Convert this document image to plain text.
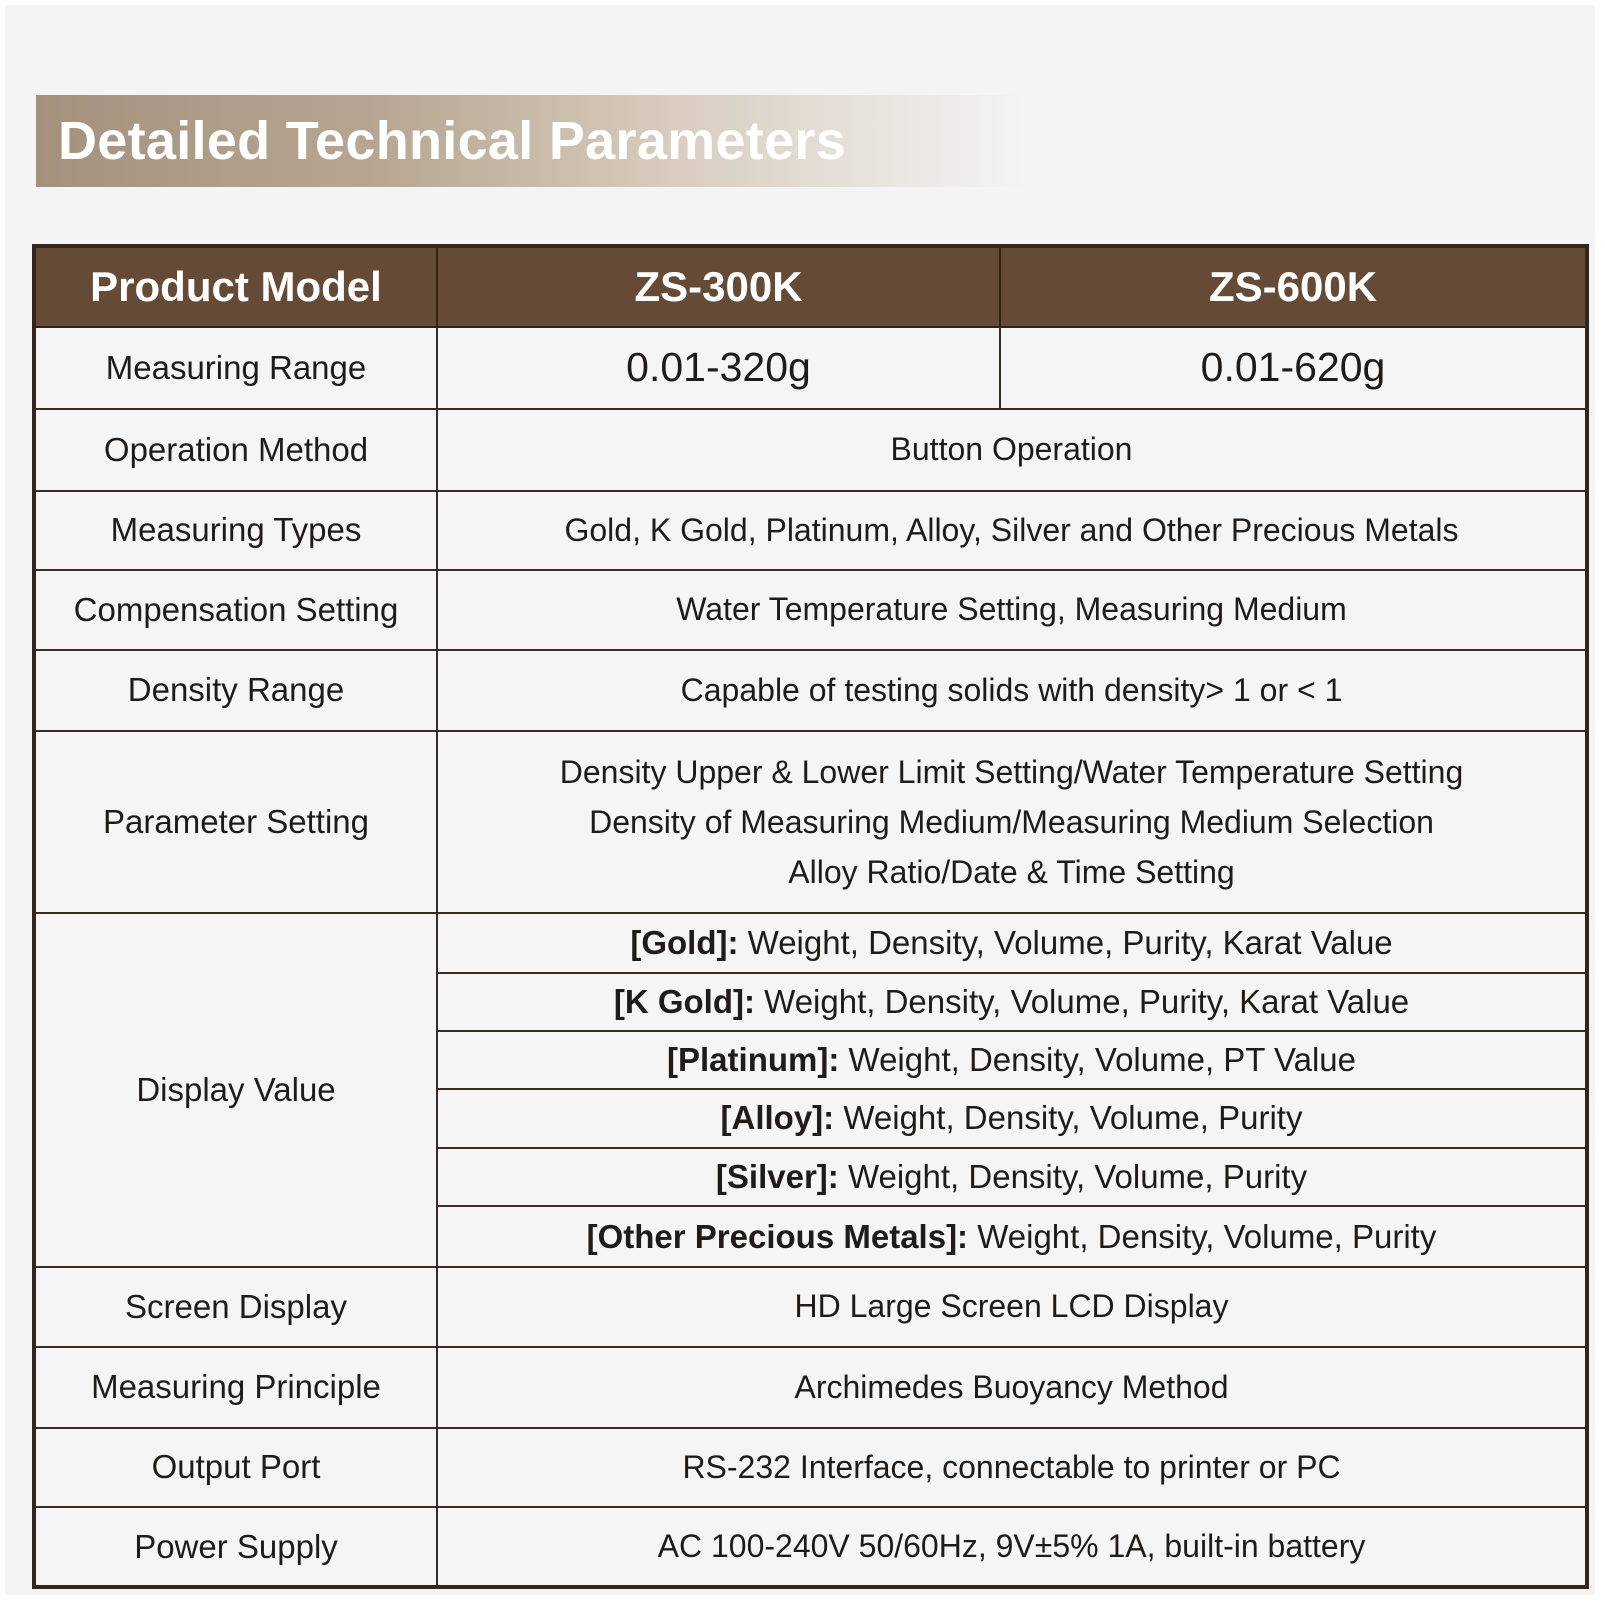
Detailed Technical Parameters
Product Model	ZS-300K	ZS-600K
Measuring Range	0.01-320g	0.01-620g
Operation Method	Button Operation	
Measuring Types	Gold, K Gold, Platinum, Alloy, Silver and Other Precious Metals	
Compensation Setting	Water Temperature Setting, Measuring Medium	
Density Range	Capable of testing solids with density> 1 or < 1	
Parameter Setting	Density Upper & Lower Limit Setting/Water Temperature Setting
Density of Measuring Medium/Measuring Medium Selection
Alloy Ratio/Date & Time Setting	

Display Value	[Gold]: Weight, Density, Volume, Purity, Karat Value	
	[K Gold]: Weight, Density, Volume, Purity, Karat Value	
	[Platinum]: Weight, Density, Volume, PT Value	
	[Alloy]: Weight, Density, Volume, Purity	
	[Silver]: Weight, Density, Volume, Purity	
	[Other Precious Metals]: Weight, Density, Volume, Purity	
Screen Display	HD Large Screen LCD Display	
Measuring Principle	Archimedes Buoyancy Method	
Output Port	RS-232 Interface, connectable to printer or PC	
Power Supply	AC 100-240V 50/60Hz, 9V±5% 1A, built-in battery	
